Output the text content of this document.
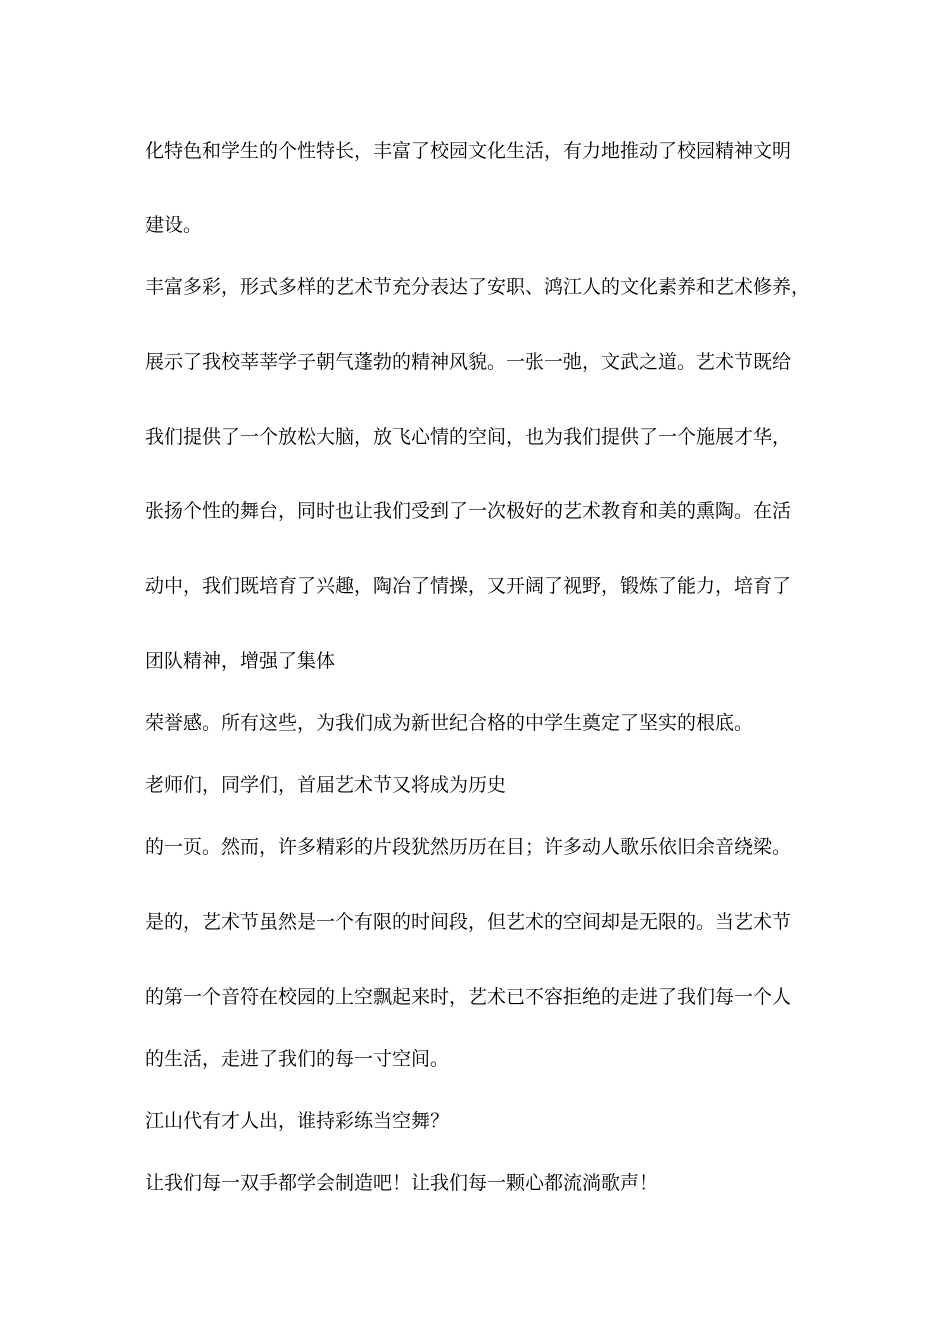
化特色和学生的个性特长，丰富了校园文化生活，有力地推动了校园精神文明
建设。
丰富多彩，形式多样的艺术节充分表达了安职、鸿江人的文化素养和艺术修养，
展示了我校莘莘学子朝气蓬勃的精神风貌。一张一弛，文武之道。艺术节既给
我们提供了一个放松大脑，放飞心情的空间，也为我们提供了一个施展才华，
张扬个性的舞台，同时也让我们受到了一次极好的艺术教育和美的熏陶。在活
动中，我们既培育了兴趣，陶冶了情操，又开阔了视野，锻炼了能力，培育了
团队精神，增强了集体
荣誉感。所有这些，为我们成为新世纪合格的中学生奠定了坚实的根底。
老师们，同学们，首届艺术节又将成为历史
的一页。然而，许多精彩的片段犹然历历在目；许多动人歌乐依旧余音绕梁。
是的，艺术节虽然是一个有限的时间段，但艺术的空间却是无限的。当艺术节
的第一个音符在校园的上空飘起来时，艺术已不容拒绝的走进了我们每一个人
的生活，走进了我们的每一寸空间。
江山代有才人出，谁持彩练当空舞？
让我们每一双手都学会制造吧！让我们每一颗心都流淌歌声！
